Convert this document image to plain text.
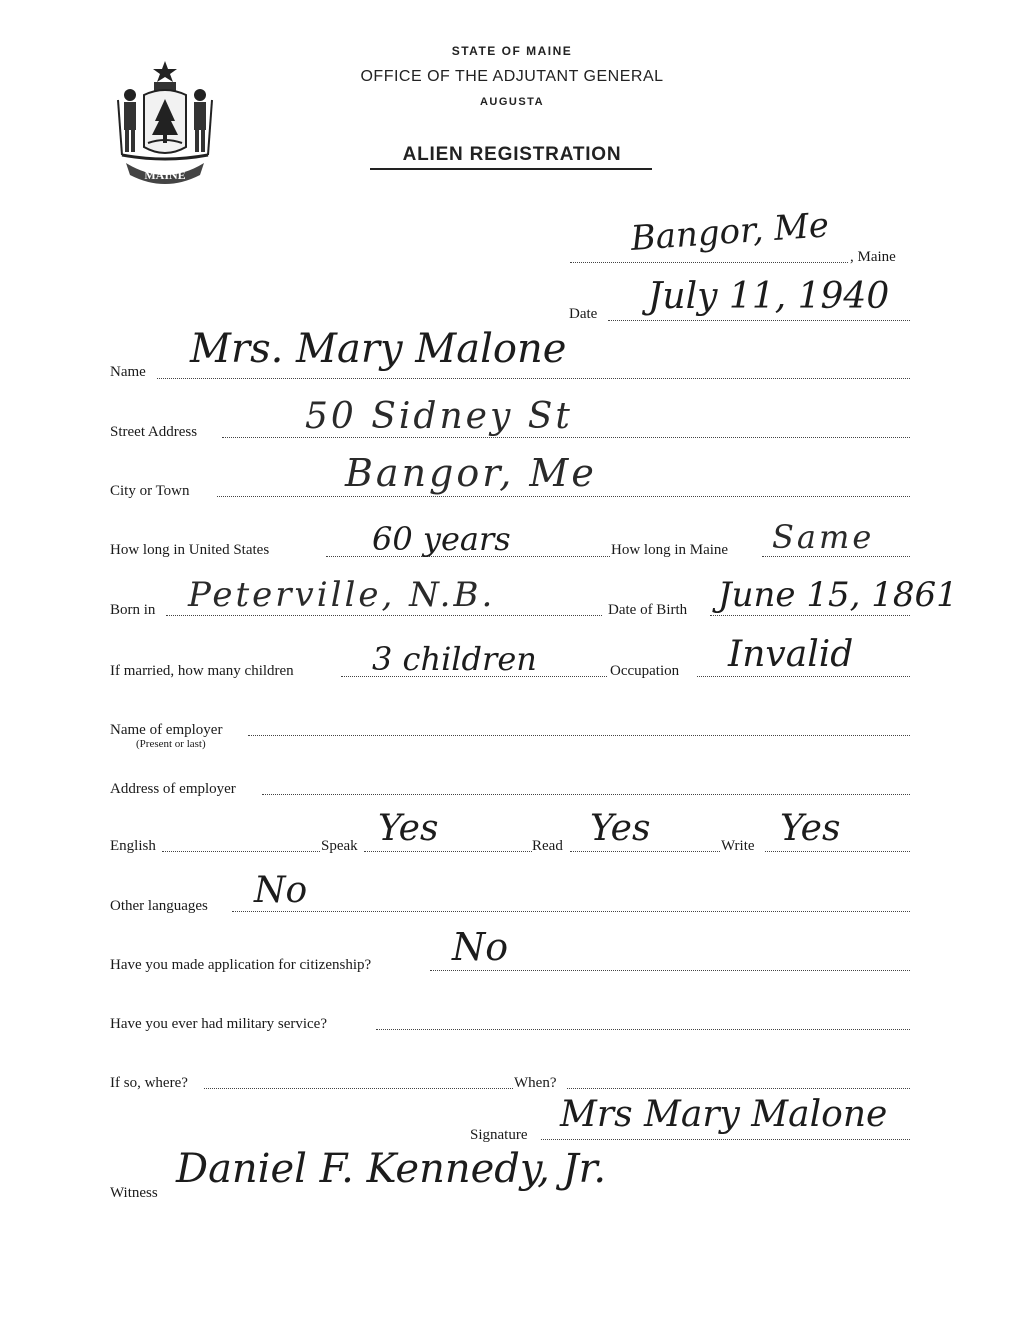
MAINE
STATE OF MAINE
OFFICE OF THE ADJUTANT GENERAL
AUGUSTA
ALIEN REGISTRATION
Bangor, Me , Maine
Date July 11, 1940
Name Mrs. Mary Malone
Street Address	50 Sidney St
City or Town	Bangor, Me
How long in United States	60 years	How long in Maine Same
Born in Peterville, N.B.	Date of Birth June 15, 1861
If married, how many children 3 children	Occupation Invalid
Name of employer
(Present or last)
Address of employer
English	Speak Yes	Read Yes	Write Yes
Other languages No
Have you made application for citizenship? No
Have you ever had military service?
If so, where?	When?
Signature Mrs Mary Malone
Witness
Daniel F. Kennedy, Jr.
